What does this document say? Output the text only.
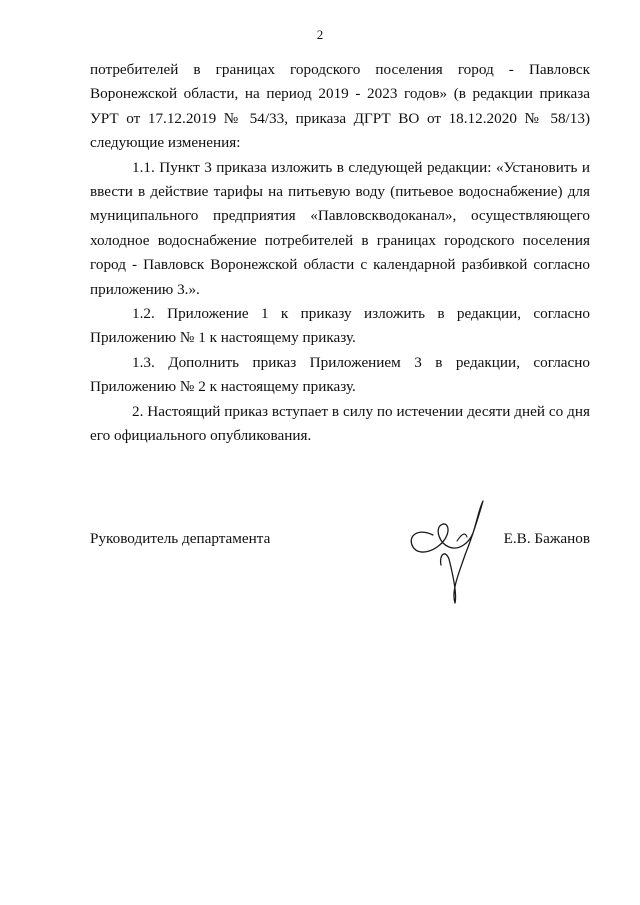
2

потребителей в границах городского поселения город - Павловск Воронежской области, на период 2019 - 2023 годов» (в редакции приказа УРТ от 17.12.2019 № 54/33, приказа ДГРТ ВО от 18.12.2020 № 58/13) следующие изменения:

1.1. Пункт 3 приказа изложить в следующей редакции: «Установить и ввести в действие тарифы на питьевую воду (питьевое водоснабжение) для муниципального предприятия «Павловскводоканал», осуществляющего холодное водоснабжение потребителей в границах городского поселения город - Павловск Воронежской области с календарной разбивкой согласно приложению 3.».

1.2. Приложение 1 к приказу изложить в редакции, согласно Приложению № 1 к настоящему приказу.

1.3. Дополнить приказ Приложением 3 в редакции, согласно Приложению № 2 к настоящему приказу.

2. Настоящий приказ вступает в силу по истечении десяти дней со дня его официального опубликования.

Руководитель департамента	Е.В. Бажанов
